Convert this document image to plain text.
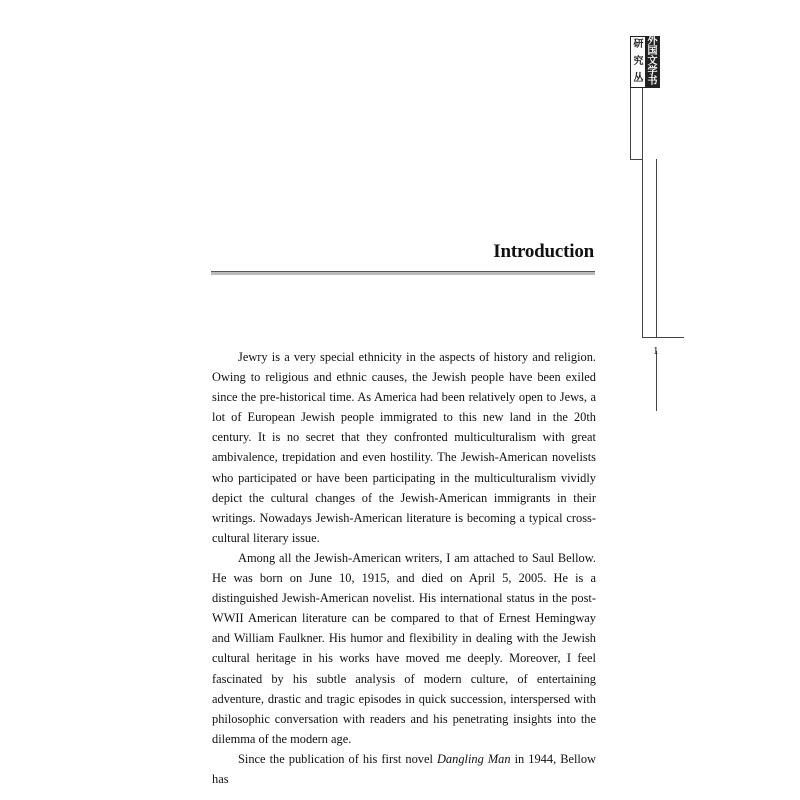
研
究
丛
外
国
文
学
书
1
Introduction

Jewry is a very special ethnicity in the aspects of history and religion. Owing to religious and ethnic causes, the Jewish people have been exiled since the pre-historical time. As America had been relatively open to Jews, a lot of European Jewish people immigrated to this new land in the 20th century. It is no secret that they confronted multiculturalism with great ambivalence, trepidation and even hostility. The Jewish-American novelists who participated or have been participating in the multiculturalism vividly depict the cultural changes of the Jewish-American immigrants in their writings. Nowadays Jewish-American literature is becoming a typical cross-cultural literary issue.

Among all the Jewish-American writers, I am attached to Saul Bellow. He was born on June 10, 1915, and died on April 5, 2005. He is a distinguished Jewish-American novelist. His international status in the post-WWII American literature can be compared to that of Ernest Hemingway and William Faulkner. His humor and flexibility in dealing with the Jewish cultural heritage in his works have moved me deeply. Moreover, I feel fascinated by his subtle analysis of modern culture, of entertaining adventure, drastic and tragic episodes in quick succession, interspersed with philosophic conversation with readers and his penetrating insights into the dilemma of the modern age.

Since the publication of his first novel Dangling Man in 1944, Bellow has
